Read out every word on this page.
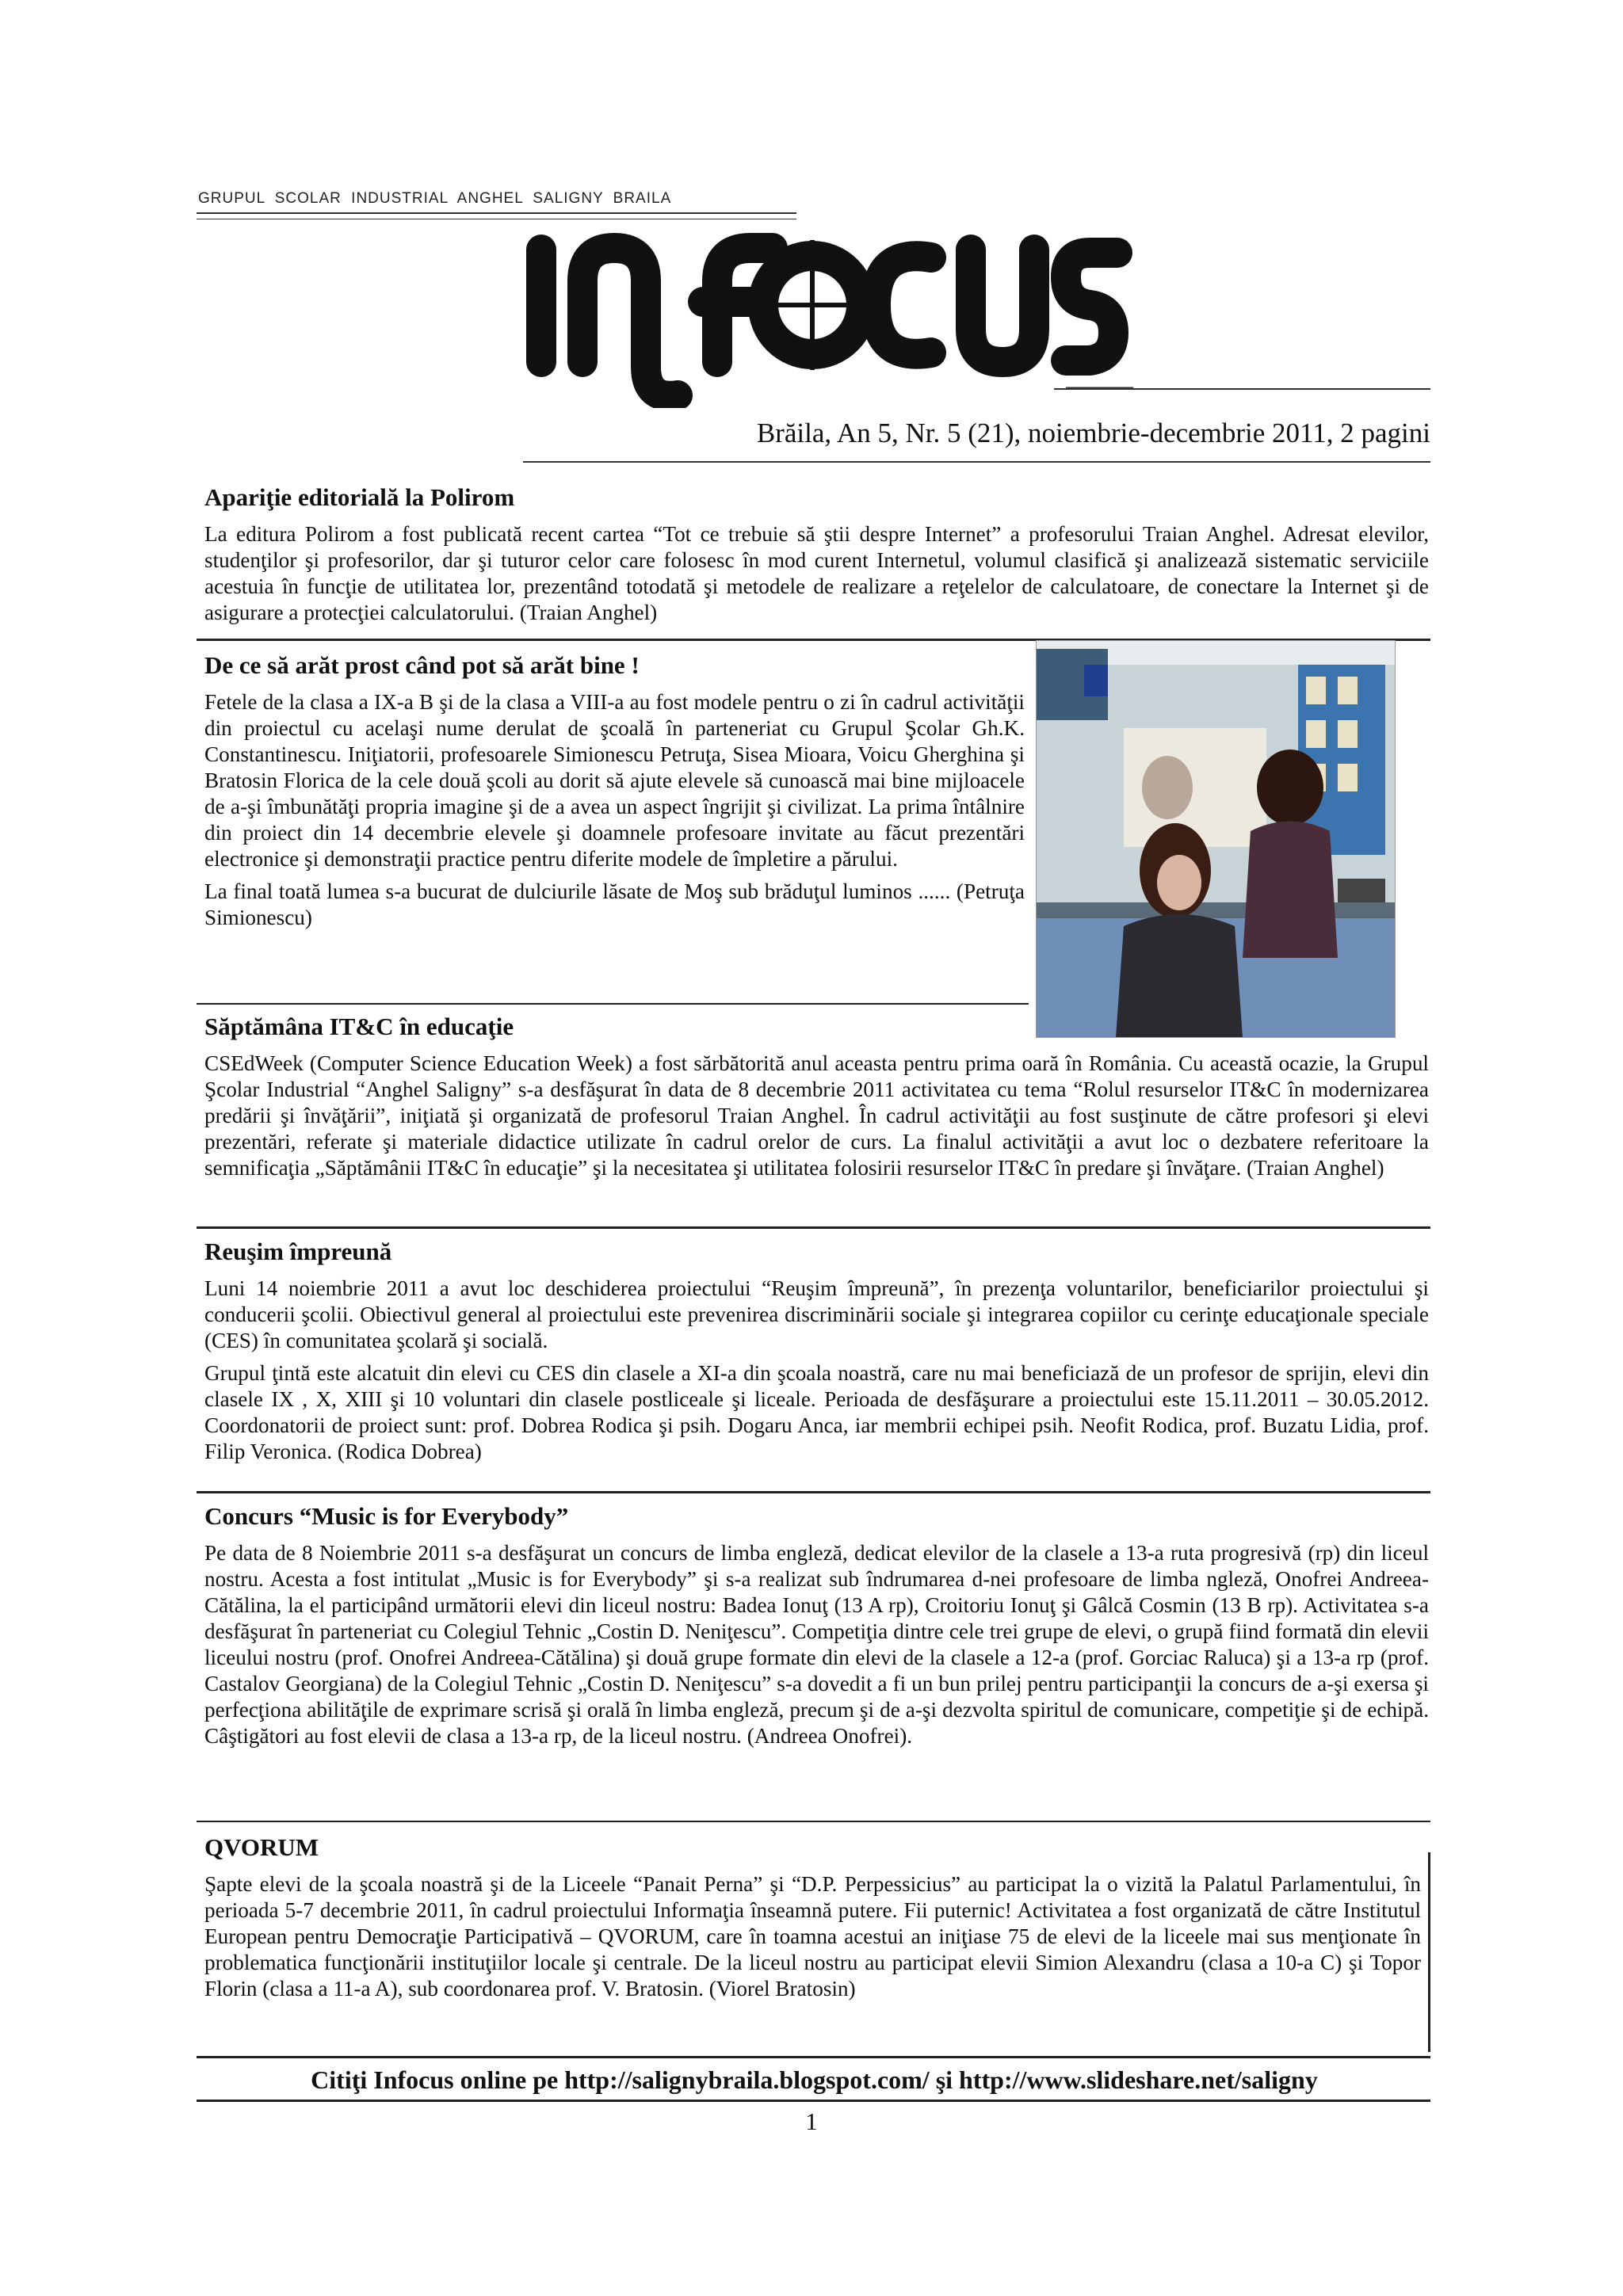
GRUPUL SCOLAR INDUSTRIAL ANGHEL SALIGNY BRAILA
Brăila, An 5, Nr. 5 (21), noiembrie-decembrie 2011, 2 pagini
Apariţie editorială la Polirom

La editura Polirom a fost publicată recent cartea “Tot ce trebuie să ştii despre Internet” a profesorului Traian Anghel. Adresat elevilor, studenţilor şi profesorilor, dar şi tuturor celor care folosesc în mod curent Internetul, volumul clasifică şi analizează sistematic serviciile acestuia în funcţie de utilitatea lor, prezentând totodată şi metodele de realizare a reţelelor de calculatoare, de conectare la Internet şi de asigurare a protecţiei calculatorului. (Traian Anghel)

De ce să arăt prost când pot să arăt bine !

Fetele de la clasa a IX-a B şi de la clasa a VIII-a au fost modele pentru o zi în cadrul activităţii din proiectul cu acelaşi nume derulat de şcoală în parteneriat cu Grupul Şcolar Gh.K. Constantinescu. Iniţiatorii, profesoarele Simionescu Petruţa, Sisea Mioara, Voicu Gherghina şi Bratosin Florica de la cele două şcoli au dorit să ajute elevele să cunoască mai bine mijloacele de a-şi îmbunătăţi propria imagine şi de a avea un aspect îngrijit şi civilizat. La prima întâlnire din proiect din 14 decembrie elevele şi doamnele profesoare invitate au făcut prezentări electronice şi demonstraţii practice pentru diferite modele de împletire a părului.

La final toată lumea s-a bucurat de dulciurile lăsate de Moş sub brăduţul luminos ...... (Petruţa Simionescu)

Săptămâna IT&C în educaţie

CSEdWeek (Computer Science Education Week) a fost sărbătorită anul aceasta pentru prima oară în România. Cu această ocazie, la Grupul Şcolar Industrial “Anghel Saligny” s-a desfăşurat în data de 8 decembrie 2011 activitatea cu tema “Rolul resurselor IT&C în modernizarea predării şi învăţării”, iniţiată şi organizată de profesorul Traian Anghel. În cadrul activităţii au fost susţinute de către profesori şi elevi prezentări, referate şi materiale didactice utilizate în cadrul orelor de curs. La finalul activităţii a avut loc o dezbatere referitoare la semnificaţia „Săptămânii IT&C în educaţie” şi la necesitatea şi utilitatea folosirii resurselor IT&C în predare şi învăţare. (Traian Anghel)

Reuşim împreună

Luni 14 noiembrie 2011 a avut loc deschiderea proiectului “Reuşim împreună”, în prezenţa voluntarilor, beneficiarilor proiectului şi conducerii şcolii. Obiectivul general al proiectului este prevenirea discriminării sociale şi integrarea copiilor cu cerinţe educaţionale speciale (CES) în comunitatea şcolară şi socială.

Grupul ţintă este alcatuit din elevi cu CES din clasele a XI-a din şcoala noastră, care nu mai beneficiază de un profesor de sprijin, elevi din clasele IX , X, XIII şi 10 voluntari din clasele postliceale şi liceale. Perioada de desfăşurare a proiectului este 15.11.2011 – 30.05.2012. Coordonatorii de proiect sunt: prof. Dobrea Rodica şi psih. Dogaru Anca, iar membrii echipei psih. Neofit Rodica, prof. Buzatu Lidia, prof. Filip Veronica. (Rodica Dobrea)

Concurs “Music is for Everybody”

Pe data de 8 Noiembrie 2011 s-a desfăşurat un concurs de limba engleză, dedicat elevilor de la clasele a 13-a ruta progresivă (rp) din liceul nostru. Acesta a fost intitulat „Music is for Everybody” şi s-a realizat sub îndrumarea d-nei profesoare de limba ngleză, Onofrei Andreea-Cătălina, la el participând următorii elevi din liceul nostru: Badea Ionuţ (13 A rp), Croitoriu Ionuţ şi Gâlcă Cosmin (13 B rp). Activitatea s-a desfăşurat în parteneriat cu Colegiul Tehnic „Costin D. Neniţescu”. Competiţia dintre cele trei grupe de elevi, o grupă fiind formată din elevii liceului nostru (prof. Onofrei Andreea-Cătălina) şi două grupe formate din elevi de la clasele a 12-a (prof. Gorciac Raluca) şi a 13-a rp (prof. Castalov Georgiana) de la Colegiul Tehnic „Costin D. Neniţescu” s-a dovedit a fi un bun prilej pentru participanţii la concurs de a-şi exersa şi perfecţiona abilităţile de exprimare scrisă şi orală în limba engleză, precum şi de a-şi dezvolta spiritul de comunicare, competiţie şi de echipă. Câştigători au fost elevii de clasa a 13-a rp, de la liceul nostru. (Andreea Onofrei).

QVORUM

Şapte elevi de la şcoala noastră şi de la Liceele “Panait Perna” şi “D.P. Perpessicius” au participat la o vizită la Palatul Parlamentului, în perioada 5-7 decembrie 2011, în cadrul proiectului Informaţia înseamnă putere. Fii puternic! Activitatea a fost organizată de către Institutul European pentru Democraţie Participativă – QVORUM, care în toamna acestui an iniţiase 75 de elevi de la liceele mai sus menţionate în problematica funcţionării instituţiilor locale şi centrale. De la liceul nostru au participat elevii Simion Alexandru (clasa a 10-a C) şi Topor Florin (clasa a 11-a A), sub coordonarea prof. V. Bratosin. (Viorel Bratosin)

Citiţi Infocus online pe http://salignybraila.blogspot.com/ şi http://www.slideshare.net/saligny
1
